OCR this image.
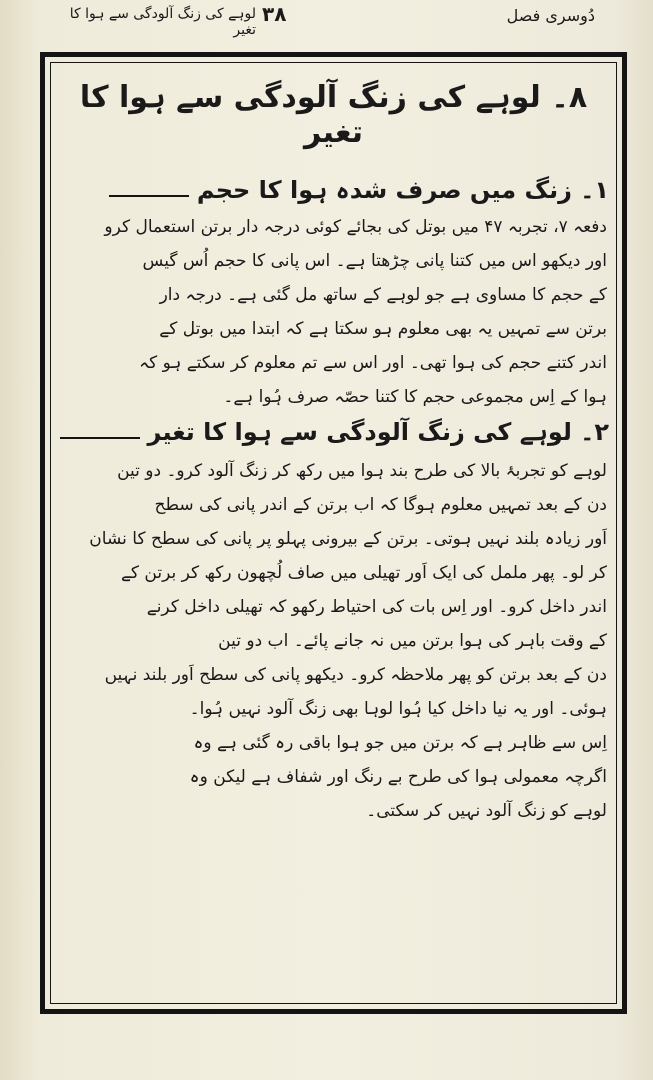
دُوسری فصل
۳۸
لوہے کی زنگ آلودگی سے ہوا کا تغیر
۸۔ لوہے کی زنگ آلودگی سے ہوا کا تغیر
۱۔ زنگ میں صرف شدہ ہوا کا حجم
دفعہ ۷، تجربہ ۴۷ میں بوتل کی بجائے کوئی درجہ دار برتن استعمال کرو
اور دیکھو اس میں کتنا پانی چڑھتا ہے۔ اس پانی کا حجم اُس گیس
کے حجم کا مساوی ہے جو لوہے کے ساتھ مل گئی ہے۔ درجہ دار
برتن سے تمہیں یہ بھی معلوم ہو سکتا ہے کہ ابتدا میں بوتل کے
اندر کتنے حجم کی ہوا تھی۔ اور اس سے تم معلوم کر سکتے ہو کہ
ہوا کے اِس مجموعی حجم کا کتنا حصّہ صرف ہُوا ہے۔
۲۔ لوہے کی زنگ آلودگی سے ہوا کا تغیر
لوہے کو تجربۂ بالا کی طرح بند ہوا میں رکھ کر زنگ آلود کرو۔ دو تین
دن کے بعد تمہیں معلوم ہوگا کہ اب برتن کے اندر پانی کی سطح
اَور زیادہ بلند نہیں ہوتی۔ برتن کے بیرونی پہلو پر پانی کی سطح کا نشان
کر لو۔ پھر ململ کی ایک اَور تھیلی میں صاف لُچھون رکھ کر برتن کے
اندر داخل کرو۔ اور اِس بات کی احتیاط رکھو کہ تھیلی داخل کرنے
کے وقت باہر کی ہوا برتن میں نہ جانے پائے۔ اب دو تین
دن کے بعد برتن کو پھر ملاحظہ کرو۔ دیکھو پانی کی سطح اَور بلند نہیں
ہوئی۔ اور یہ نیا داخل کیا ہُوا لوہا بھی زنگ آلود نہیں ہُوا۔
اِس سے ظاہر ہے کہ برتن میں جو ہوا باقی رہ گئی ہے وہ
اگرچہ معمولی ہوا کی طرح بے رنگ اور شفاف ہے لیکن وہ
لوہے کو زنگ آلود نہیں کر سکتی۔
